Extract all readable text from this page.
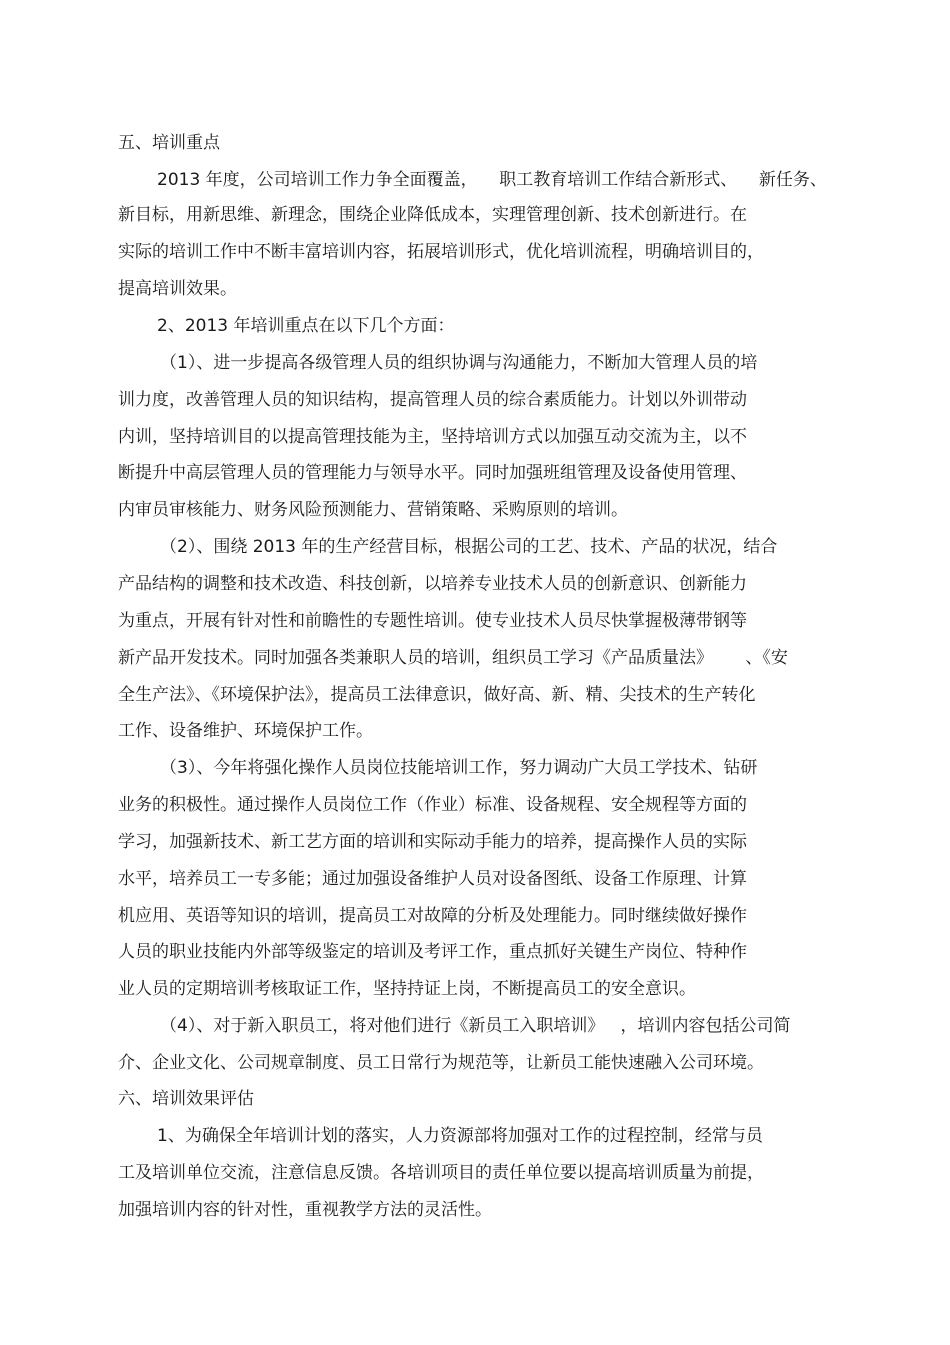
五、培训重点
2013 年度，公司培训工作力争全面覆盖，    职工教育培训工作结合新形式、    新任务、
新目标，用新思维、新理念，围绕企业降低成本，实理管理创新、技术创新进行。在
实际的培训工作中不断丰富培训内容，拓展培训形式，优化培训流程，明确培训目的，
提高培训效果。
2、2013 年培训重点在以下几个方面：
（1）、进一步提高各级管理人员的组织协调与沟通能力，不断加大管理人员的培
训力度，改善管理人员的知识结构，提高管理人员的综合素质能力。计划以外训带动
内训，坚持培训目的以提高管理技能为主，坚持培训方式以加强互动交流为主，以不
断提升中高层管理人员的管理能力与领导水平。同时加强班组管理及设备使用管理、
内审员审核能力、财务风险预测能力、营销策略、采购原则的培训。
（2）、围绕 2013 年的生产经营目标，根据公司的工艺、技术、产品的状况，结合
产品结构的调整和技术改造、科技创新，以培养专业技术人员的创新意识、创新能力
为重点，开展有针对性和前瞻性的专题性培训。使专业技术人员尽快掌握极薄带钢等
新产品开发技术。同时加强各类兼职人员的培训，组织员工学习《产品质量法》      、《安
全生产法》、《环境保护法》，提高员工法律意识，做好高、新、精、尖技术的生产转化
工作、设备维护、环境保护工作。
（3）、今年将强化操作人员岗位技能培训工作，努力调动广大员工学技术、钻研
业务的积极性。通过操作人员岗位工作（作业）标准、设备规程、安全规程等方面的
学习，加强新技术、新工艺方面的培训和实际动手能力的培养，提高操作人员的实际
水平，培养员工一专多能；通过加强设备维护人员对设备图纸、设备工作原理、计算
机应用、英语等知识的培训，提高员工对故障的分析及处理能力。同时继续做好操作
人员的职业技能内外部等级鉴定的培训及考评工作，重点抓好关键生产岗位、特种作
业人员的定期培训考核取证工作，坚持持证上岗，不断提高员工的安全意识。
（4）、对于新入职员工，将对他们进行《新员工入职培训》   ，培训内容包括公司简
介、企业文化、公司规章制度、员工日常行为规范等，让新员工能快速融入公司环境。
六、培训效果评估
1、为确保全年培训计划的落实，人力资源部将加强对工作的过程控制，经常与员
工及培训单位交流，注意信息反馈。各培训项目的责任单位要以提高培训质量为前提，
加强培训内容的针对性，重视教学方法的灵活性。
